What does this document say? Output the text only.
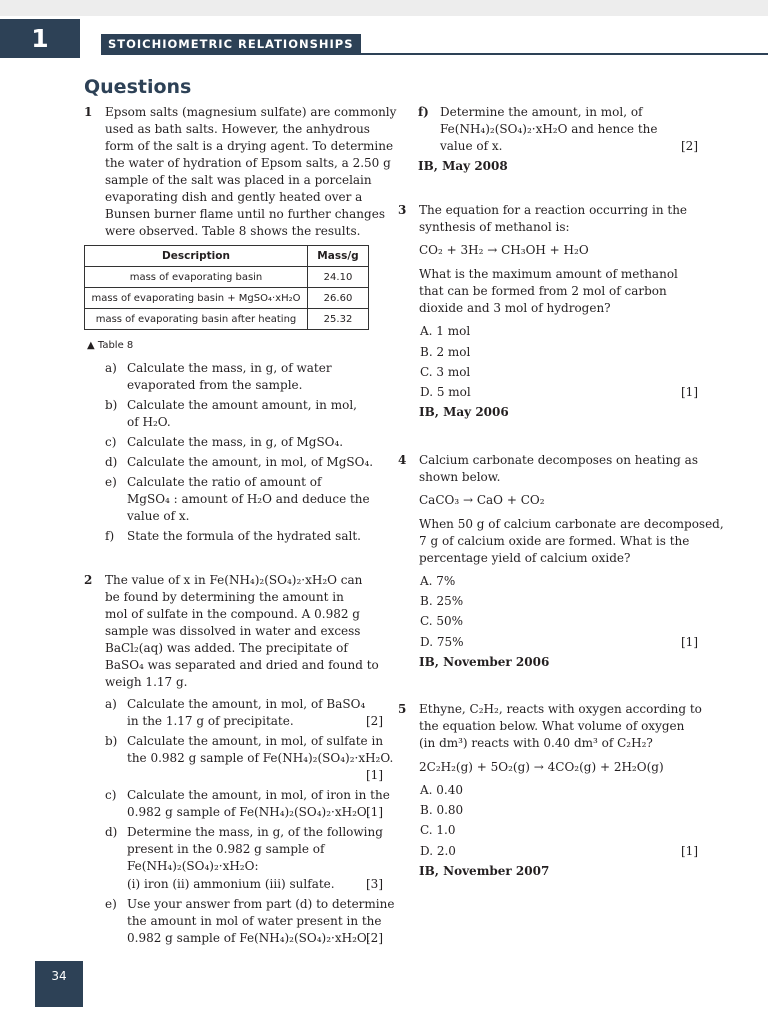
1	STOICHIOMETRIC RELATIONSHIPS
Questions
1 Epsom salts (magnesium sulfate) are commonly
used as bath salts. However, the anhydrous
form of the salt is a drying agent. To determine
the water of hydration of Epsom salts, a 2.50 g
sample of the salt was placed in a porcelain
evaporating dish and gently heated over a
Bunsen burner flame until no further changes
were observed. Table 8 shows the results.
Description	Mass/g
mass of evaporating basin	24.10
mass of evaporating basin + MgSO₄·xH₂O	26.60
mass of evaporating basin after heating	25.32
▲ Table 8
a) Calculate the mass, in g, of water
evaporated from the sample.
b) Calculate the amount amount, in mol,
of H₂O.
c) Calculate the mass, in g, of MgSO₄.
d) Calculate the amount, in mol, of MgSO₄.
e) Calculate the ratio of amount of
MgSO₄ : amount of H₂O and deduce the
value of x.
f) State the formula of the hydrated salt.
2 The value of x in Fe(NH₄)₂(SO₄)₂·xH₂O can
be found by determining the amount in
mol of sulfate in the compound. A 0.982 g
sample was dissolved in water and excess
BaCl₂(aq) was added. The precipitate of
BaSO₄ was separated and dried and found to
weigh 1.17 g.
a) Calculate the amount, in mol, of BaSO₄
in the 1.17 g of precipitate.	[2]
b) Calculate the amount, in mol, of sulfate in
the 0.982 g sample of Fe(NH₄)₂(SO₄)₂·xH₂O.
[1]
c) Calculate the amount, in mol, of iron in the
0.982 g sample of Fe(NH₄)₂(SO₄)₂·xH₂O.
[1]
d) Determine the mass, in g, of the following
present in the 0.982 g sample of
Fe(NH₄)₂(SO₄)₂·xH₂O:
(i) iron (ii) ammonium (iii) sulfate.	[3]
e) Use your answer from part (d) to determine
the amount in mol of water present in the
0.982 g sample of Fe(NH₄)₂(SO₄)₂·xH₂O.
[2]
f) Determine the amount, in mol, of
Fe(NH₄)₂(SO₄)₂·xH₂O and hence the
value of x.	[2]
IB, May 2008
3 The equation for a reaction occurring in the
synthesis of methanol is:
CO₂ + 3H₂ → CH₃OH + H₂O
What is the maximum amount of methanol
that can be formed from 2 mol of carbon
dioxide and 3 mol of hydrogen?
A. 1 mol
B. 2 mol
C. 3 mol
D. 5 mol	[1]
IB, May 2006
4 Calcium carbonate decomposes on heating as
shown below.
CaCO₃ → CaO + CO₂
When 50 g of calcium carbonate are decomposed,
7 g of calcium oxide are formed. What is the
percentage yield of calcium oxide?
A. 7%
B. 25%
C. 50%
D. 75%	[1]
IB, November 2006
5 Ethyne, C₂H₂, reacts with oxygen according to
the equation below. What volume of oxygen
(in dm³) reacts with 0.40 dm³ of C₂H₂?
2C₂H₂(g) + 5O₂(g) → 4CO₂(g) + 2H₂O(g)
A. 0.40
B. 0.80
C. 1.0
D. 2.0	[1]
IB, November 2007
34
